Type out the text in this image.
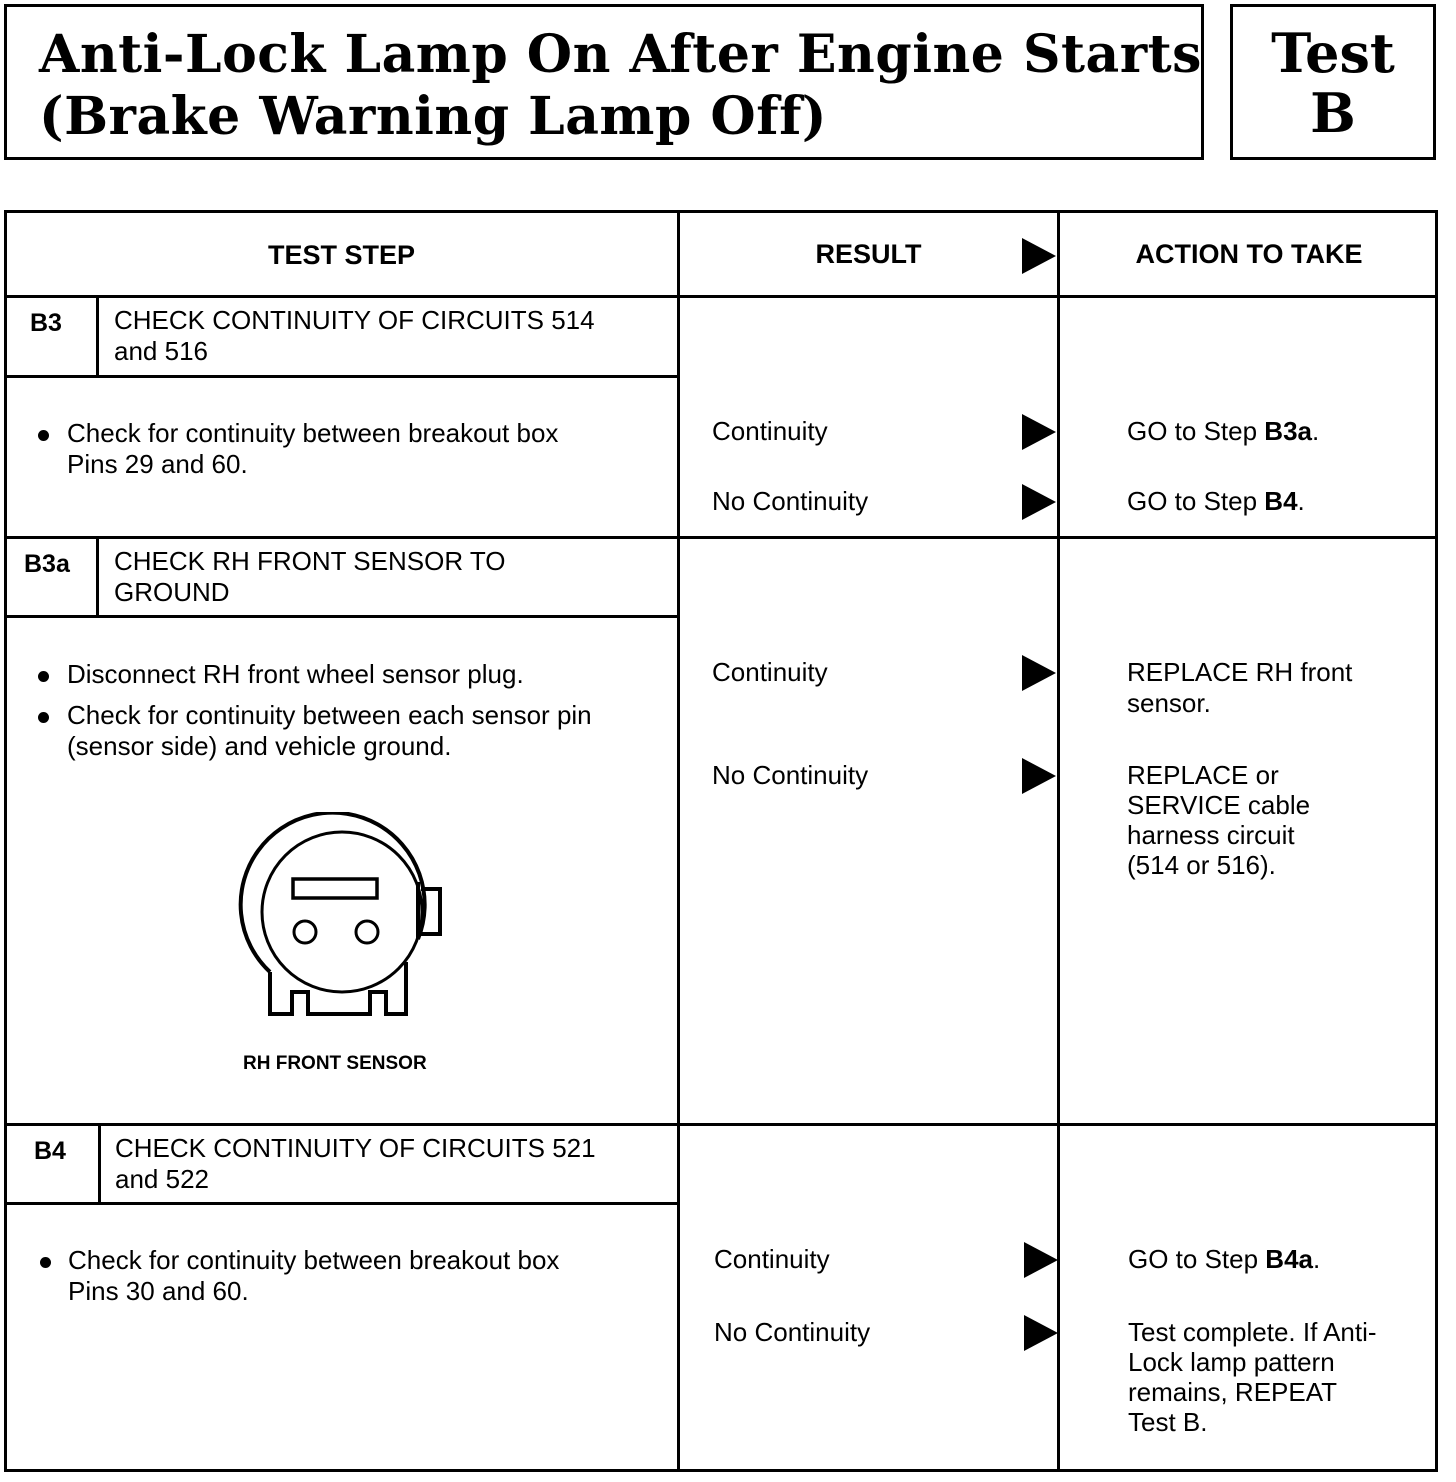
Anti-Lock Lamp On After Engine Starts
(Brake Warning Lamp Off)
Test
B
TEST STEP	RESULT	ACTION TO TAKE
B3 CHECK CONTINUITY OF CIRCUITS 514
and 516
Check for continuity between breakout box
Pins 29 and 60.
Continuity	GO to Step B3a.
No Continuity	GO to Step B4.
B3a CHECK RH FRONT SENSOR TO
GROUND
Disconnect RH front wheel sensor plug.
Check for continuity between each sensor pin
(sensor side) and vehicle ground.
RH FRONT SENSOR
Continuity	REPLACE RH front
sensor.
No Continuity	REPLACE or
SERVICE cable
harness circuit
(514 or 516).
B4 CHECK CONTINUITY OF CIRCUITS 521
and 522
Check for continuity between breakout box
Pins 30 and 60.
Continuity	GO to Step B4a.
No Continuity	Test complete. If Anti-
Lock lamp pattern
remains, REPEAT
Test B.
